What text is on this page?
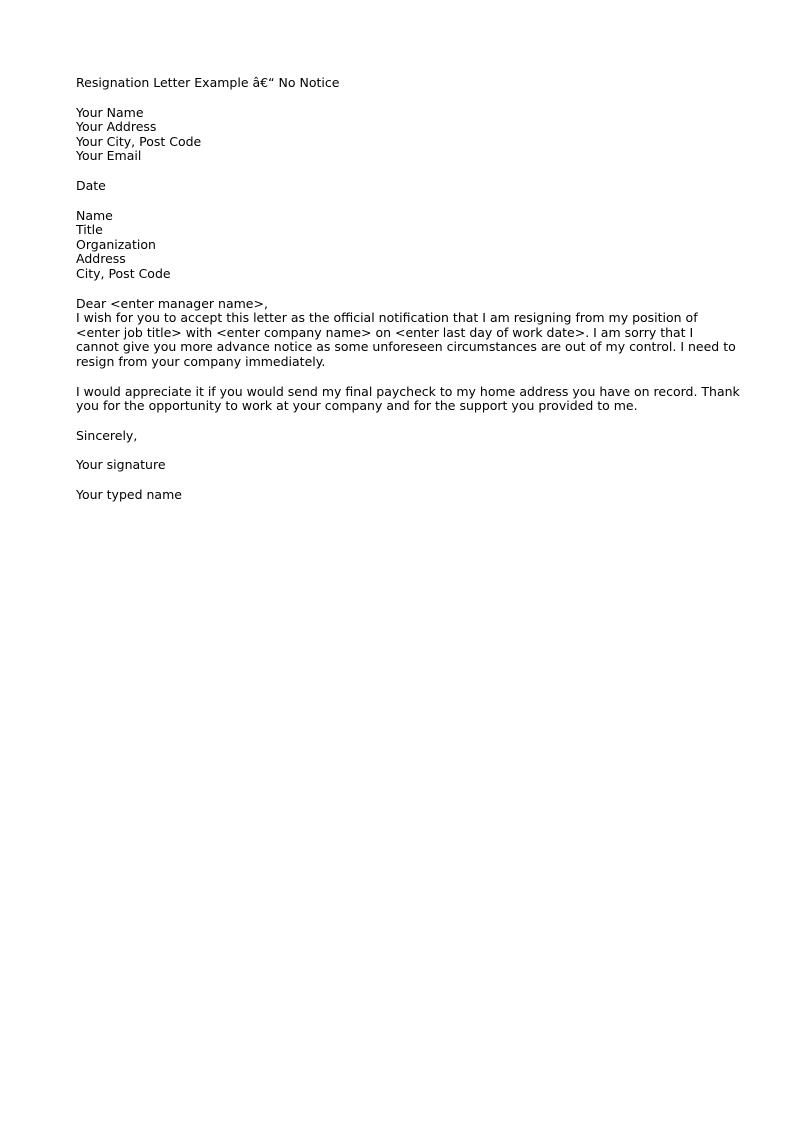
Resignation Letter Example â€“ No Notice
Your Name
Your Address
Your City, Post Code
Your Email
Date
Name
Title
Organization
Address
City, Post Code
Dear <enter manager name>,
I wish for you to accept this letter as the official notification that I am resigning from my position of
<enter job title> with <enter company name> on <enter last day of work date>. I am sorry that I
cannot give you more advance notice as some unforeseen circumstances are out of my control. I need to
resign from your company immediately.
I would appreciate it if you would send my final paycheck to my home address you have on record. Thank
you for the opportunity to work at your company and for the support you provided to me.
Sincerely,
Your signature
Your typed name
